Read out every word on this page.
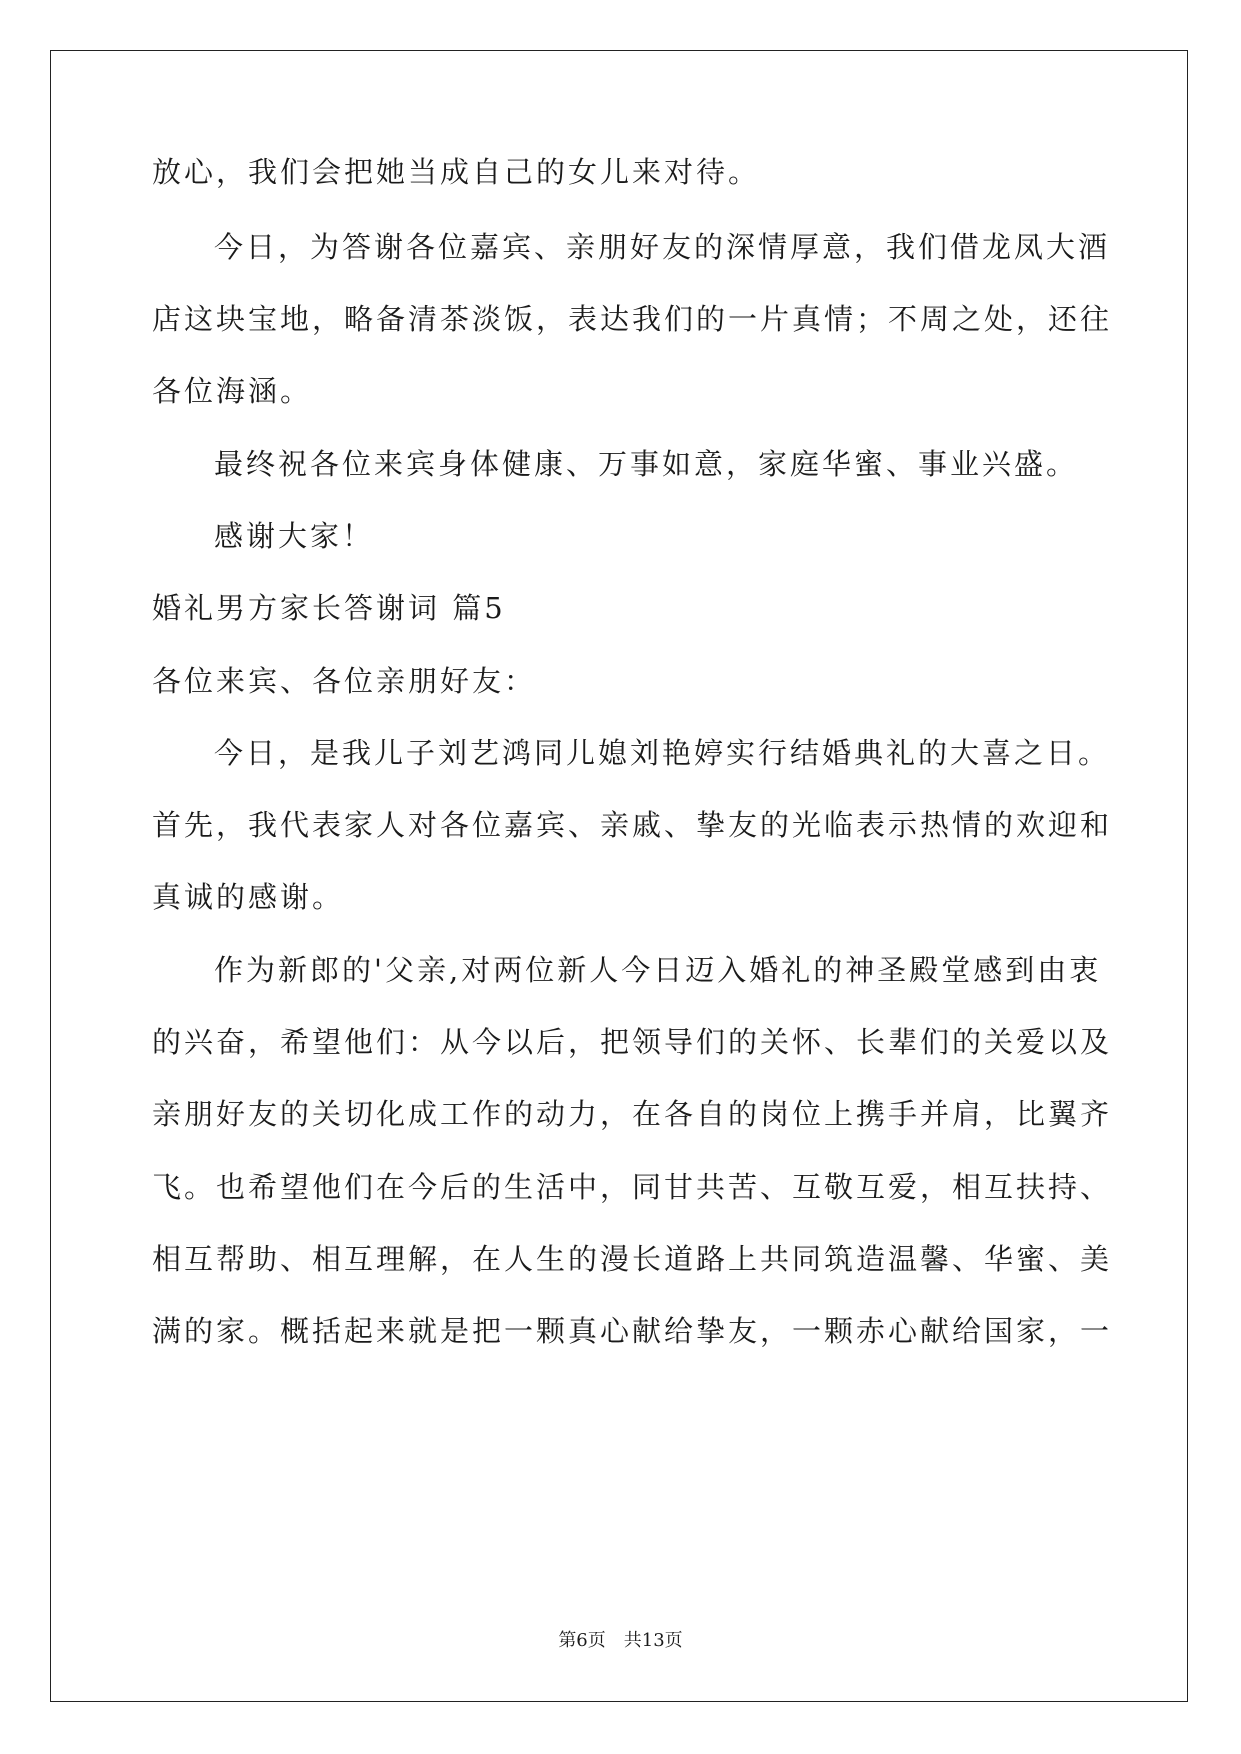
放心，我们会把她当成自己的女儿来对待。
今日，为答谢各位嘉宾、亲朋好友的深情厚意，我们借龙凤大酒
店这块宝地，略备清茶淡饭，表达我们的一片真情；不周之处，还往
各位海涵。
最终祝各位来宾身体健康、万事如意，家庭华蜜、事业兴盛。
感谢大家！
婚礼男方家长答谢词 篇5
各位来宾、各位亲朋好友：
今日，是我儿子刘艺鸿同儿媳刘艳婷实行结婚典礼的大喜之日。
首先，我代表家人对各位嘉宾、亲戚、挚友的光临表示热情的欢迎和
真诚的感谢。
作为新郎的'父亲,对两位新人今日迈入婚礼的神圣殿堂感到由衷
的兴奋，希望他们：从今以后，把领导们的关怀、长辈们的关爱以及
亲朋好友的关切化成工作的动力，在各自的岗位上携手并肩，比翼齐
飞。也希望他们在今后的生活中，同甘共苦、互敬互爱，相互扶持、
相互帮助、相互理解，在人生的漫长道路上共同筑造温馨、华蜜、美
满的家。概括起来就是把一颗真心献给挚友，一颗赤心献给国家，一
第6页　共13页
